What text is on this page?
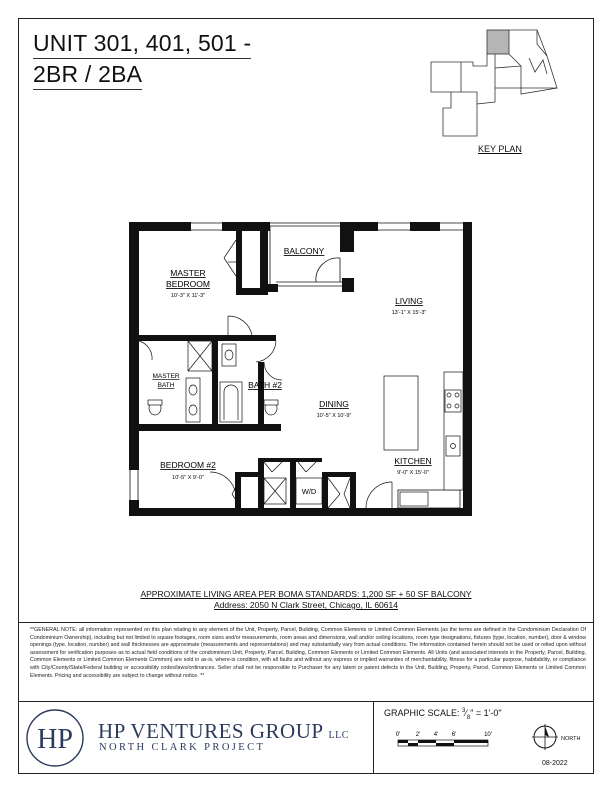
UNIT 301, 401, 501 -
2BR / 2BA
KEY PLAN
MASTER
BEDROOM
10'-3" X 11'-3"
BALCONY
LIVING
13'-1" X 15'-3"
MASTER
BATH	BATH #2
DINING
10'-5" X 10'-9"
BEDROOM #2
10'-5" X 9'-0"
KITCHEN
9'-0" X 15'-0"
W/D
APPROXIMATE LIVING AREA PER BOMA STANDARDS: 1,200 SF + 50 SF BALCONY
Address: 2050 N Clark Street, Chicago, IL 60614
**GENERAL NOTE: all information represented on this plan relating to any element of the Unit, Property, Parcel, Building, Common Elements or Limited Common Elements (as the terms are defined in the Condominium Declaration Of Condominium Ownership), including but not limited to square footages, room sizes and/or measurements, room areas and dimensions, wall and/or ceiling locations, room type designations, fixtures (type, location, number), door & window openings (type, location, number) and wall thicknesses are approximate (measurements and representations) and may substantially vary from actual conditions. The information contained herein should not be used or relied upon without assessment for verification purposes as to actual field conditions of the condominium Unit, Property, Parcel, Building, Common Elements or Limited Common Elements. All Units (and associated interests in the Property, Parcel, Building, Common Elements or Limited Common Elements Common) are sold in as-is, where-is condition, with all faults and without any express or implied warranties of merchantability, fitness for a particular purpose, habitability, or compliance with City/County/State/Federal building or accessibility codes/laws/ordinances. Seller shall not be responsible to Purchaser for any latent or patent defects in the Unit, Building, Property, Parcel, Common Elements or Limited Common Elements. Pricing and accessibility are subject to change without notice. **
HP HP VENTURES GROUP LLC
NORTH CLARK PROJECT
GRAPHIC SCALE: $^3⁄_8$" = 1'-0"
0'	2' 4' 6'	10'
NORTH
08-2022
